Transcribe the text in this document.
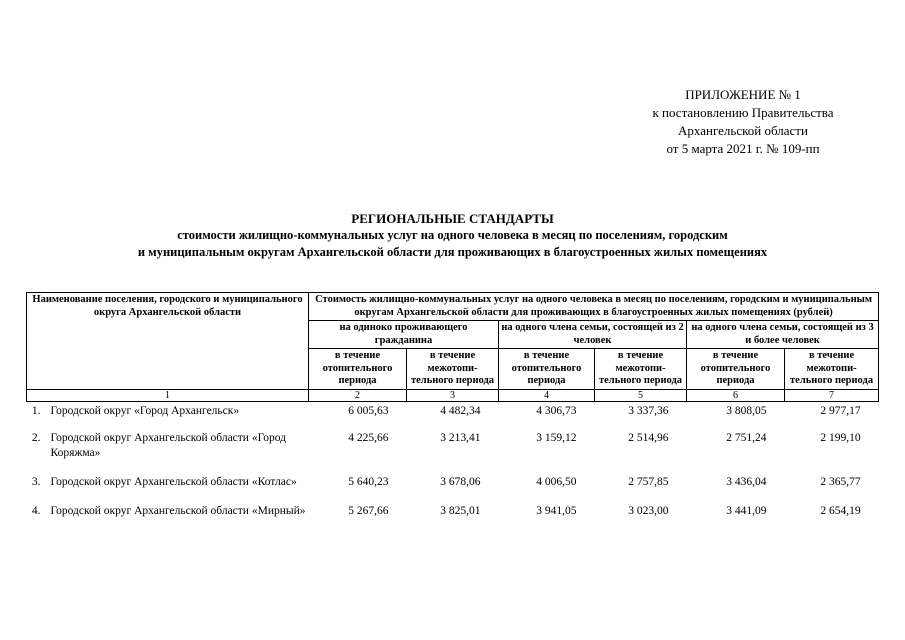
ПРИЛОЖЕНИЕ № 1
к постановлению Правительства
Архангельской области
от 5 марта 2021 г. № 109-пп
РЕГИОНАЛЬНЫЕ СТАНДАРТЫ
стоимости жилищно-коммунальных услуг на одного человека в месяц по поселениям, городским
и муниципальным округам Архангельской области для проживающих в благоустроенных жилых помещениях
Наименование поселения, городского и муниципального округа Архангельской области		Стоимость жилищно-коммунальных услуг на одного человека в месяц по поселениям, городским и муниципальным округам Архангельской области для проживающих в благоустроенных жилых помещениях (рублей)					
		на одиноко проживающего гражданина		на одного члена семьи, состоящей из 2 человек		на одного члена семьи, состоящей из 3 и более человек	
		в течение отопительного периода	в течение межотопи-тельного периода	в течение отопительного периода	в течение межотопи-тельного периода	в течение отопительного периода	в течение межотопи-тельного периода
1		2	3	4	5	6	7
1.	Городской округ «Город Архангельск»	6 005,63	4 482,34	4 306,73	3 337,36	3 808,05	2 977,17
2.	Городской округ Архангельской области «Город Коряжма»	4 225,66	3 213,41	3 159,12	2 514,96	2 751,24	2 199,10
3.	Городской округ Архангельской области «Котлас»	5 640,23	3 678,06	4 006,50	2 757,85	3 436,04	2 365,77
4.	Городской округ Архангельской области «Мирный»	5 267,66	3 825,01	3 941,05	3 023,00	3 441,09	2 654,19
